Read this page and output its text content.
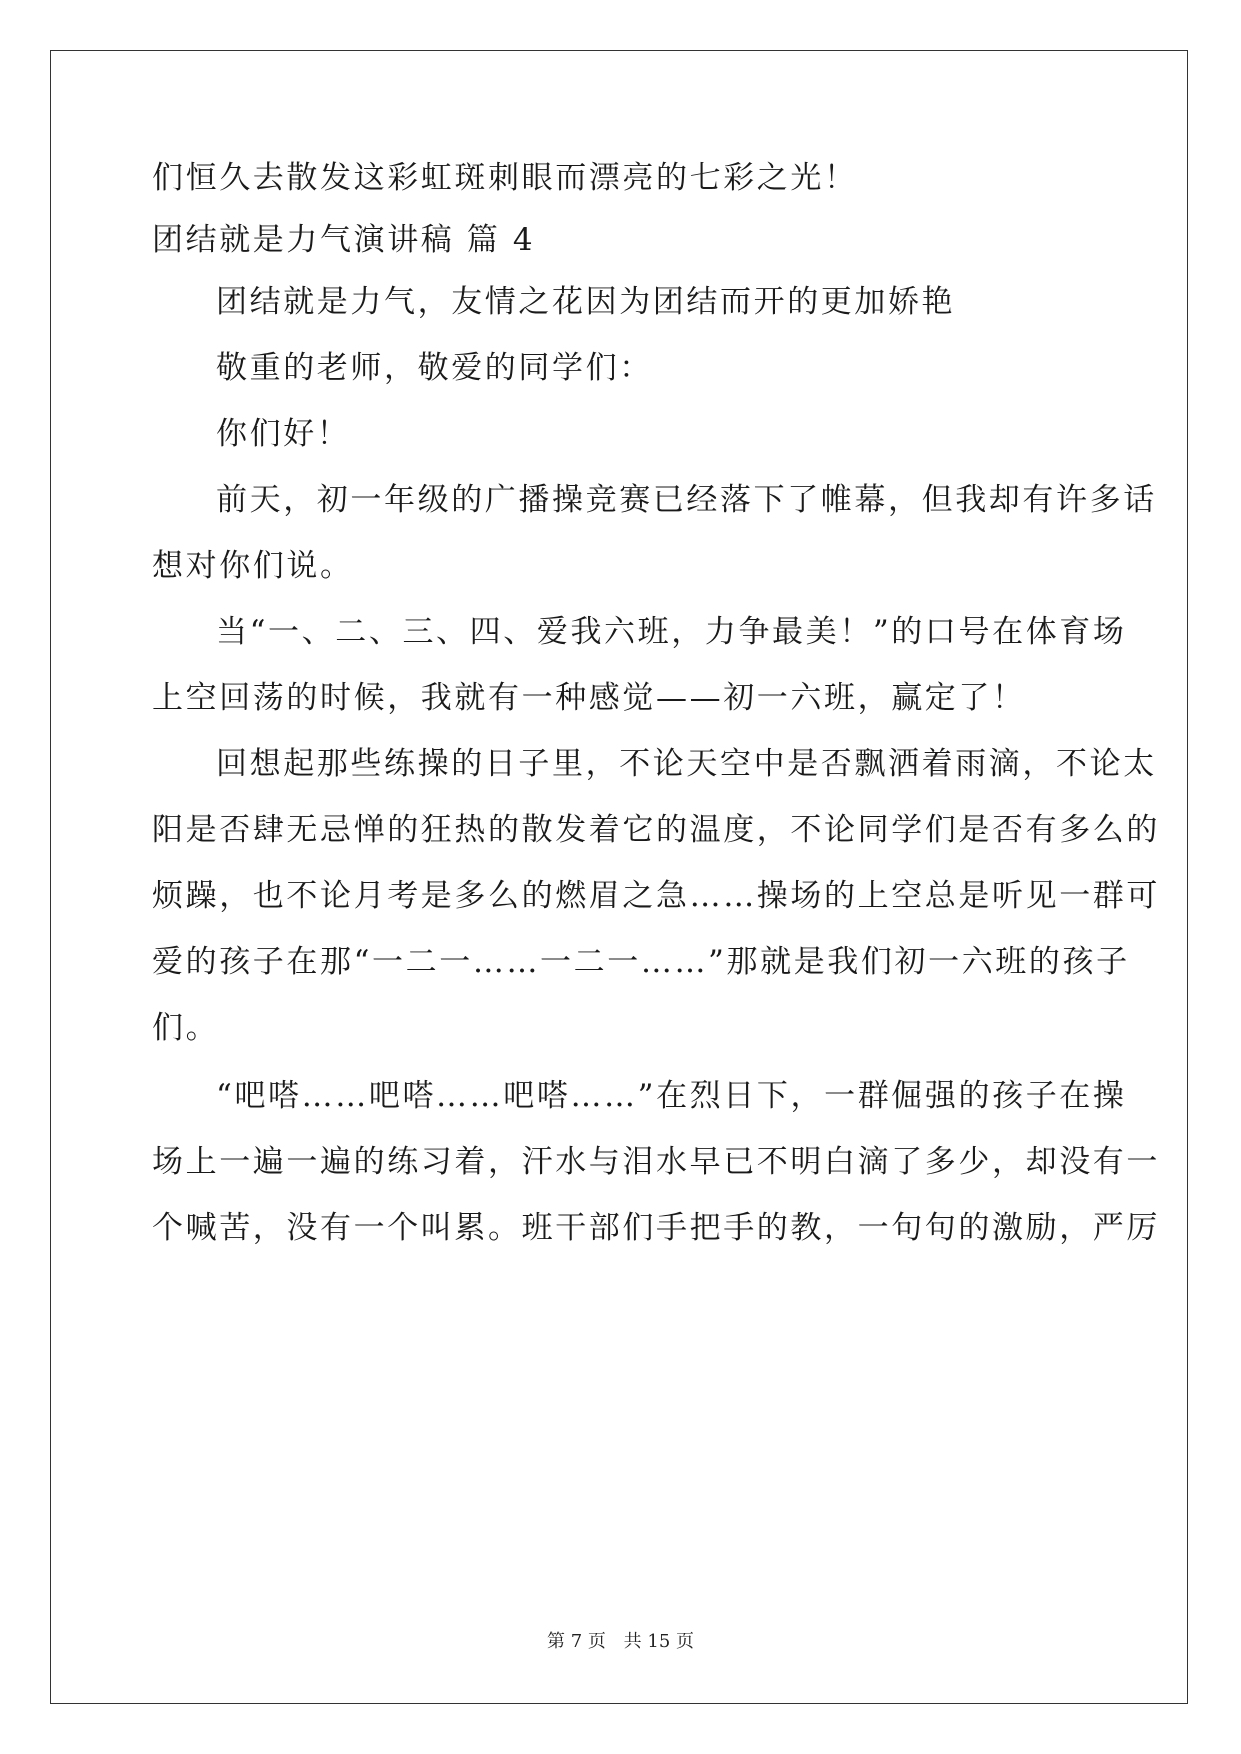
们恒久去散发这彩虹斑刺眼而漂亮的七彩之光！
团结就是力气演讲稿 篇 4
团结就是力气，友情之花因为团结而开的更加娇艳
敬重的老师，敬爱的同学们：
你们好！
前天，初一年级的广播操竞赛已经落下了帷幕，但我却有许多话
想对你们说。
当“一、二、三、四、爱我六班，力争最美！”的口号在体育场
上空回荡的时候，我就有一种感觉——初一六班，赢定了！
回想起那些练操的日子里，不论天空中是否飘洒着雨滴，不论太
阳是否肆无忌惮的狂热的散发着它的温度，不论同学们是否有多么的
烦躁，也不论月考是多么的燃眉之急……操场的上空总是听见一群可
爱的孩子在那“一二一……一二一……”那就是我们初一六班的孩子
们。
“吧嗒……吧嗒……吧嗒……”在烈日下，一群倔强的孩子在操
场上一遍一遍的练习着，汗水与泪水早已不明白滴了多少，却没有一
个喊苦，没有一个叫累。班干部们手把手的教，一句句的激励，严厉
第 7 页 共 15 页
